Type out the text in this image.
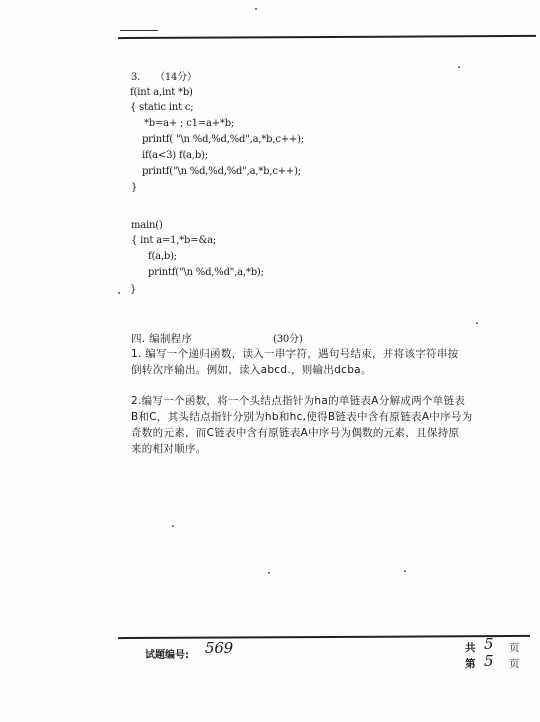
3.     （14分）
f(int a,int *b)
{ static int c;
*b=a+ ; c1=a+*b;
printf( "\n %d,%d,%d",a,*b,c++);
if(a<3) f(a,b);
printf("\n %d,%d,%d",a,*b,c++);
}
main()
{ int a=1,*b=&a;
f(a,b);
printf("\n %d,%d",a,*b);
}
四. 编制程序	(30分)
1. 编写一个递归函数，读入一串字符，遇句号结束，并将该字符串按
倒转次序输出。例如，读入abcd.，则输出dcba。
2.编写一个函数，将一个头结点指针为ha的单链表A分解成两个单链表
B和C，其头结点指针分别为hb和hc,使得B链表中含有原链表A中序号为
奇数的元素，而C链表中含有原链表A中序号为偶数的元素，且保持原
来的相对顺序。
试题编号: 569	共 5 页
第 5 页
